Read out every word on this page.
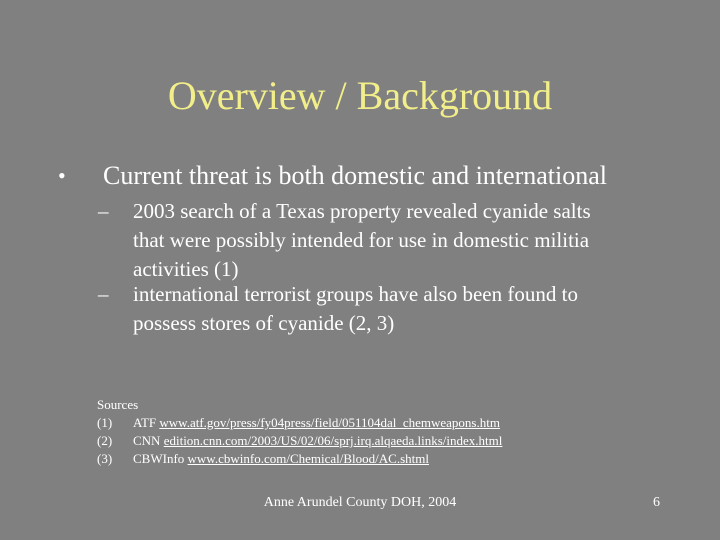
Overview / Background
• Current threat is both domestic and international
– 2003 search of a Texas property revealed cyanide salts
that were possibly intended for use in domestic militia
activities (1)
– international terrorist groups have also been found to
possess stores of cyanide (2, 3)
Sources
(1) ATF www.atf.gov/press/fy04press/field/051104dal_chemweapons.htm
(2) CNN edition.cnn.com/2003/US/02/06/sprj.irq.alqaeda.links/index.html
(3) CBWInfo www.cbwinfo.com/Chemical/Blood/AC.shtml
Anne Arundel County DOH, 2004	6
